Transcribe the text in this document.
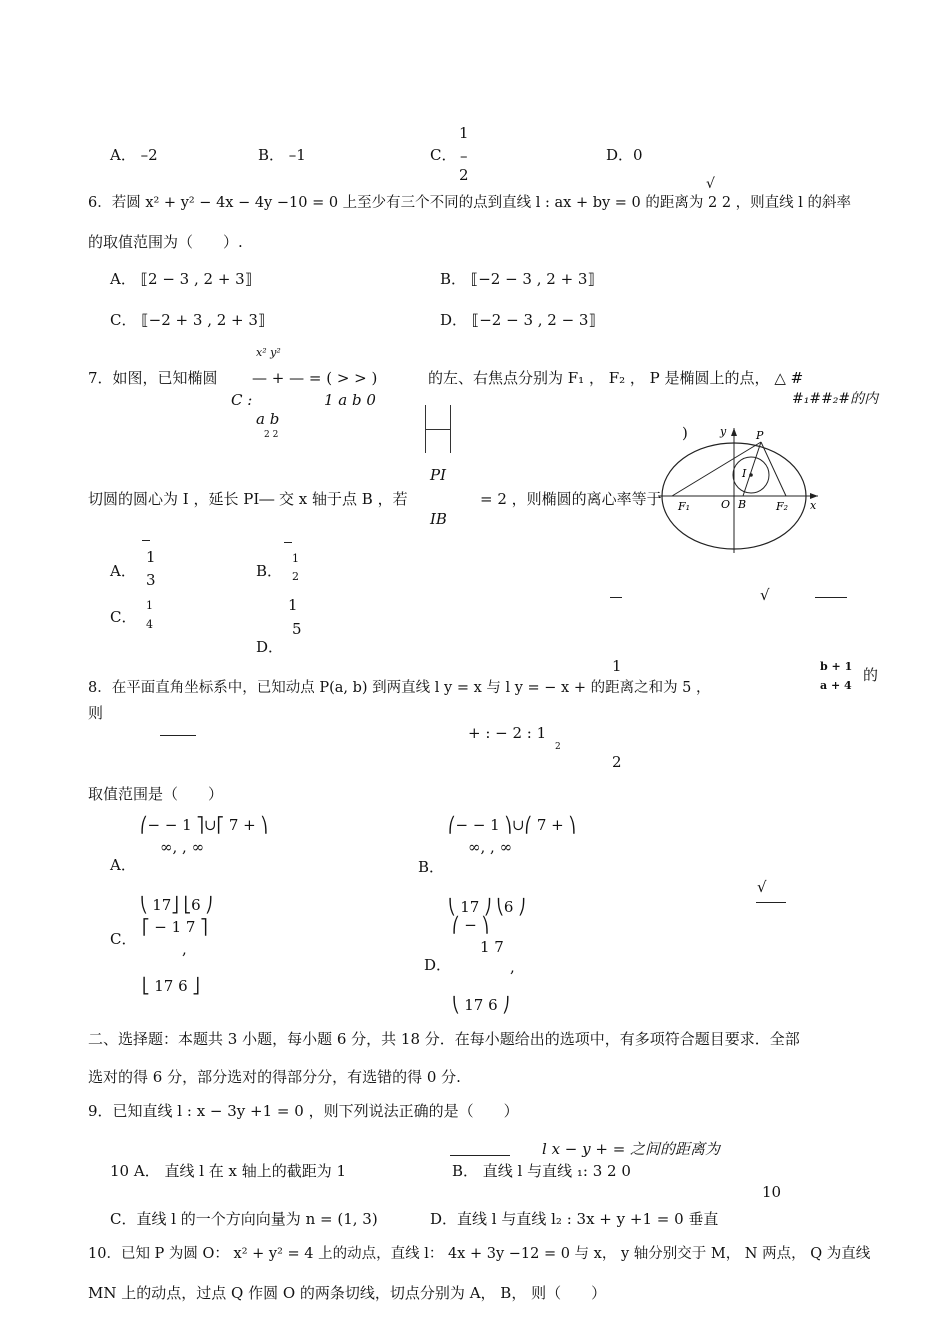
A． –2	B． –1	C．
1
–
2
D．0
6．若圆 x² + y² − 4x − 4y −10 = 0 上至少有三个不同的点到直线 l : ax + by = 0 的距离为 2 2 ，则直线 l 的斜率
√
的取值范围为（　　）.
A． ⟦2 − 3 , 2 + 3⟧	B． ⟦−2 − 3 , 2 + 3⟧
C． ⟦−2 + 3 , 2 + 3⟧	D． ⟦−2 − 3 , 2 − 3⟧
x² y²
7．如图，已知椭圆 — + — = ( > > )	的左、右焦点分别为 F₁ ， F₂ ， P 是椭圆上的点， △ #
C :	1 a b 0	#₁##₂#的内
a b
2 2	)
PI
切圆的圆心为 I ，延长 PI― 交 x 轴于点 B ，若	= 2 ，则椭圆的离心率等于
IB
y	P
I
F₁	O B	F₂ x
1
A． 3
1
B． 2
√
1
C． 4
1
5
D．
1	b + 1
8．在平面直角坐标系中，已知动点 P(a, b) 到两直线 l y = x 与 l y = − x + 的距离之和为 5 ，	a + 4
的
则
+ : − 2 : 1
2
2
取值范围是（　　）
⎛− − 1 ⎤∪⎡ 7 + ⎞
∞, , ∞
A．
⎝ 17⎦ ⎣6 ⎠
⎛− − 1 ⎞∪⎛ 7 + ⎞
∞, , ∞
B．
⎝ 17 ⎠ ⎝6 ⎠
√
⎡ − 1 7 ⎤
C．
,
⎣ 17 6 ⎦
⎛ − ⎞
1 7
D．	,
⎝ 17 6 ⎠
二、选择题：本题共 3 小题，每小题 6 分，共 18 分．在每小题给出的选项中，有多项符合题目要求．全部
选对的得 6 分，部分选对的得部分分，有选错的得 0 分.
9．已知直线 l : x − 3y +1 = 0 ，则下列说法正确的是（　　）
l x − y + = 之间的距离为
10 A． 直线 l 在 x 轴上的截距为 1	B． 直线 l 与直线 ₁: 3 2 0
10
C．直线 l 的一个方向向量为 n = (1, 3)	D．直线 l 与直线 l₂ : 3x + y +1 = 0 垂直
10．已知 P 为圆 O： x² + y² = 4 上的动点，直线 l： 4x + 3y −12 = 0 与 x， y 轴分别交于 M， N 两点， Q 为直线
MN 上的动点，过点 Q 作圆 O 的两条切线，切点分别为 A， B， 则（　　）
